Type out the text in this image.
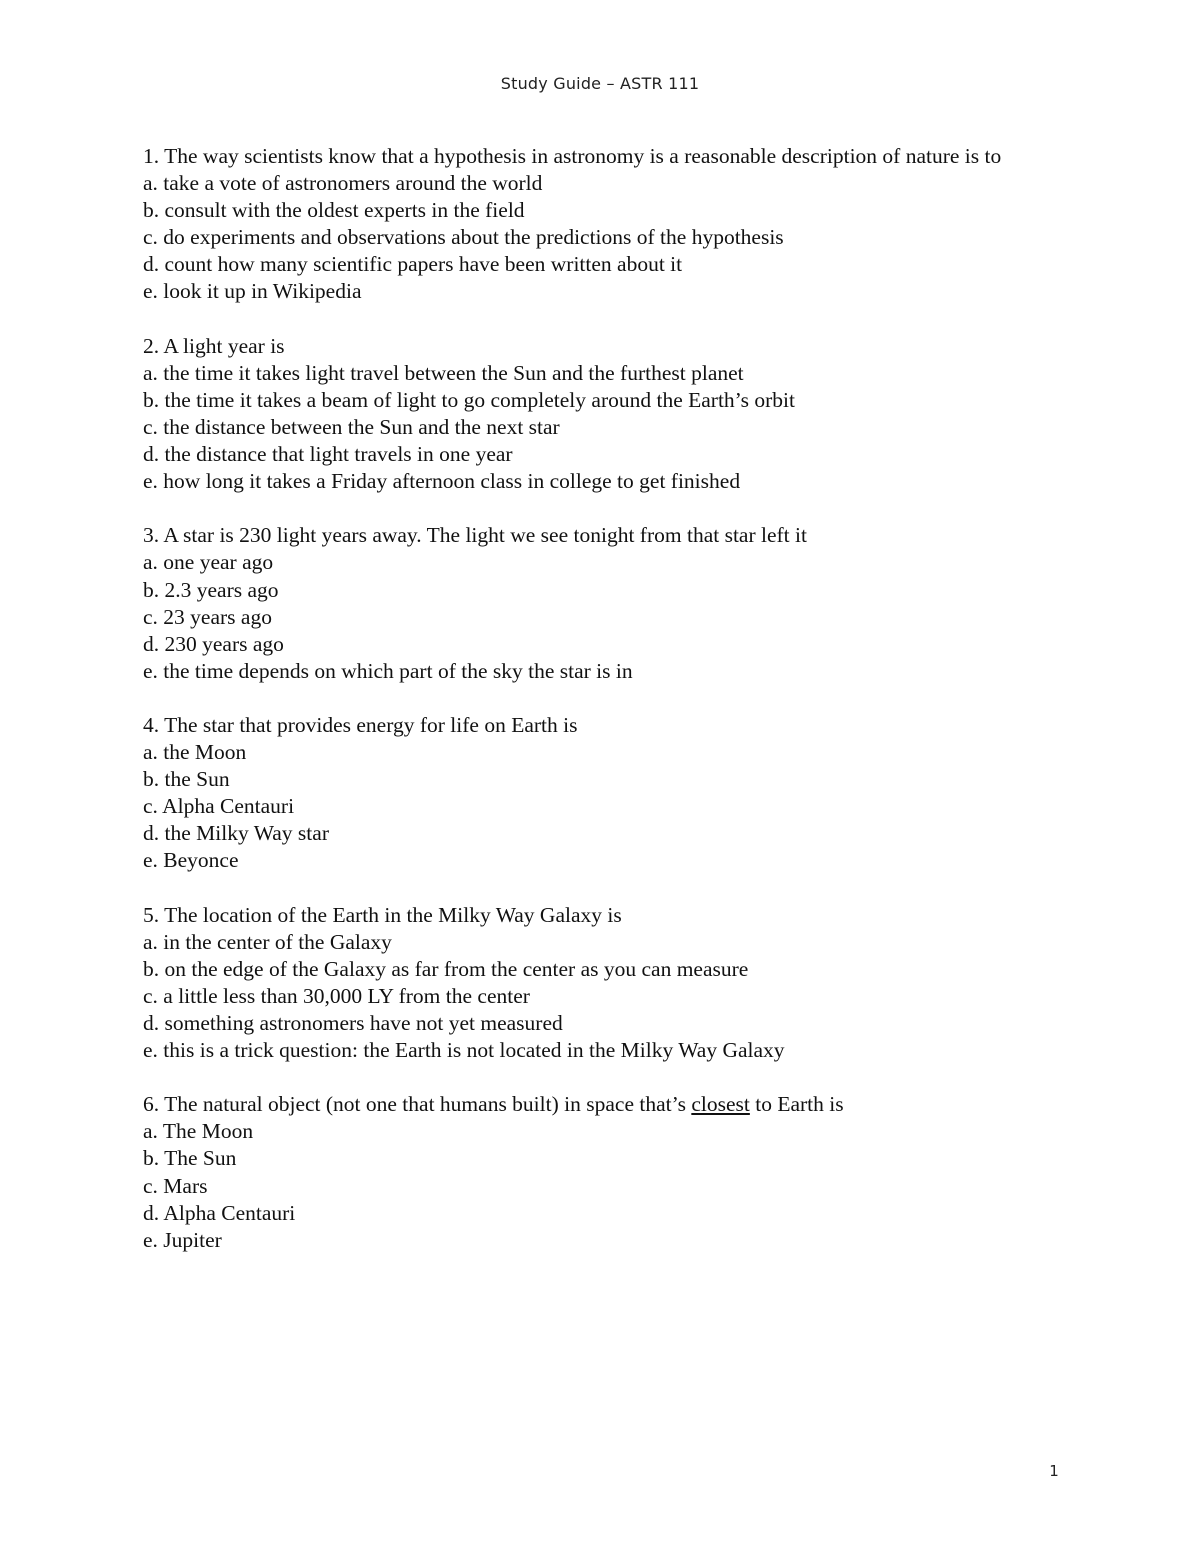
Study Guide – ASTR 111
1. The way scientists know that a hypothesis in astronomy is a reasonable description of nature is to
a. take a vote of astronomers around the world
b. consult with the oldest experts in the field
c. do experiments and observations about the predictions of the hypothesis
d. count how many scientific papers have been written about it
e. look it up in Wikipedia
2. A light year is
a. the time it takes light travel between the Sun and the furthest planet
b. the time it takes a beam of light to go completely around the Earth’s orbit
c. the distance between the Sun and the next star
d. the distance that light travels in one year
e. how long it takes a Friday afternoon class in college to get finished
3. A star is 230 light years away. The light we see tonight from that star left it
a. one year ago
b. 2.3 years ago
c. 23 years ago
d. 230 years ago
e. the time depends on which part of the sky the star is in
4. The star that provides energy for life on Earth is
a. the Moon
b. the Sun
c. Alpha Centauri
d. the Milky Way star
e. Beyonce
5. The location of the Earth in the Milky Way Galaxy is
a. in the center of the Galaxy
b. on the edge of the Galaxy as far from the center as you can measure
c. a little less than 30,000 LY from the center
d. something astronomers have not yet measured
e. this is a trick question: the Earth is not located in the Milky Way Galaxy
6. The natural object (not one that humans built) in space that’s closest to Earth is
a. The Moon
b. The Sun
c. Mars
d. Alpha Centauri
e. Jupiter
1
